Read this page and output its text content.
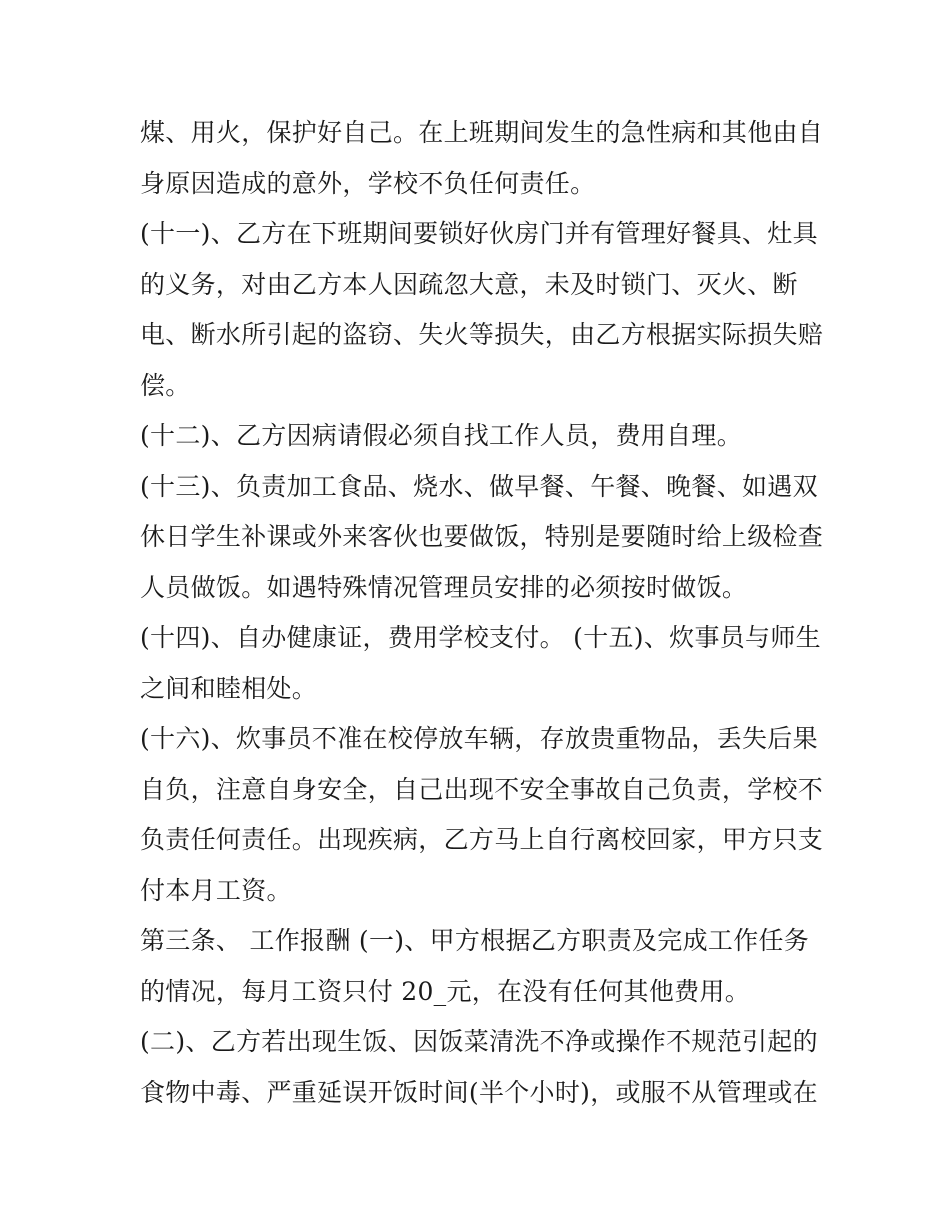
煤、用火，保护好自己。在上班期间发生的急性病和其他由自
身原因造成的意外，学校不负任何责任。

(十一)、乙方在下班期间要锁好伙房门并有管理好餐具、灶具
的义务，对由乙方本人因疏忽大意，未及时锁门、灭火、断
电、断水所引起的盗窃、失火等损失，由乙方根据实际损失赔
偿。

(十二)、乙方因病请假必须自找工作人员，费用自理。

(十三)、负责加工食品、烧水、做早餐、午餐、晚餐、如遇双
休日学生补课或外来客伙也要做饭，特别是要随时给上级检查
人员做饭。如遇特殊情况管理员安排的必须按时做饭。

(十四)、自办健康证，费用学校支付。 (十五)、炊事员与师生
之间和睦相处。

(十六)、炊事员不准在校停放车辆，存放贵重物品，丢失后果
自负，注意自身安全，自己出现不安全事故自己负责，学校不
负责任何责任。出现疾病，乙方马上自行离校回家，甲方只支
付本月工资。

第三条、 工作报酬 (一)、甲方根据乙方职责及完成工作任务
的情况，每月工资只付 20_元，在没有任何其他费用。

(二)、乙方若出现生饭、因饭菜清洗不净或操作不规范引起的
食物中毒、严重延误开饭时间(半个小时)，或服不从管理或在
